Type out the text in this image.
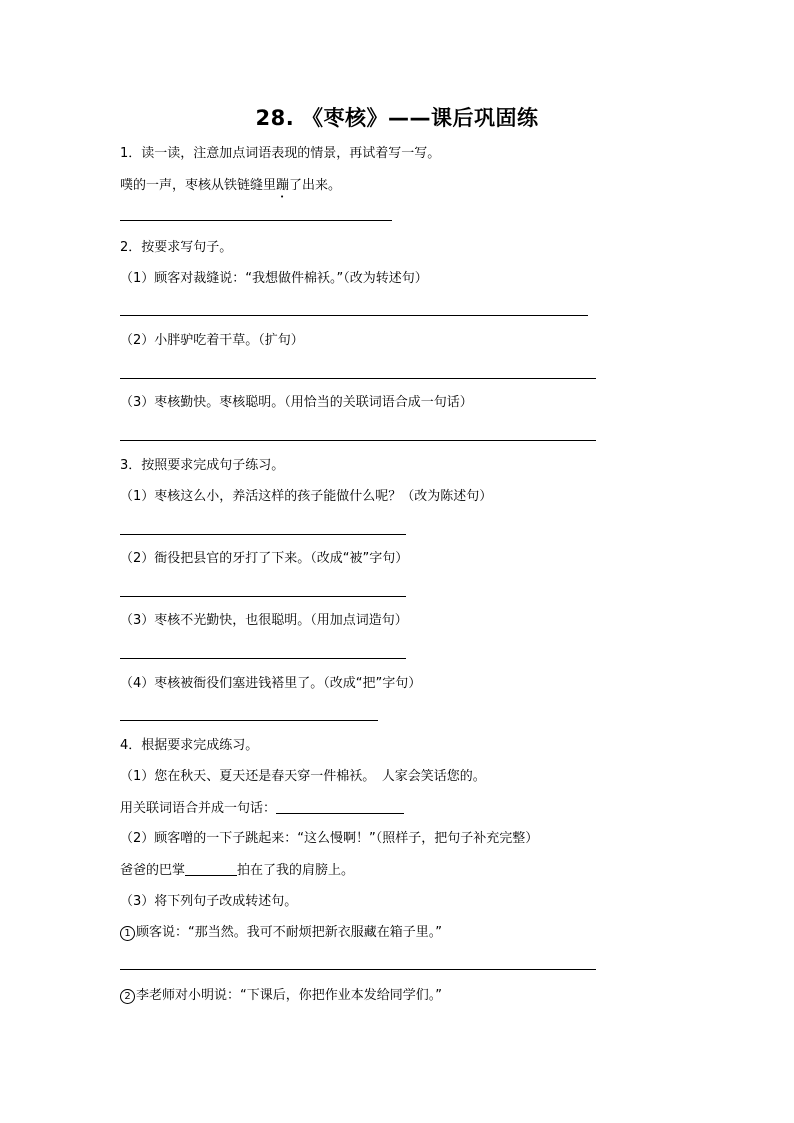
28. 《枣核》——课后巩固练
1．读一读，注意加点词语表现的情景，再试着写一写。
噗的一声，枣核从铁链缝里蹦了出来。
2．按要求写句子。
（1）顾客对裁缝说：“我想做件棉袄。”（改为转述句）
（2）小胖驴吃着干草。（扩句）
（3）枣核勤快。枣核聪明。（用恰当的关联词语合成一句话）
3．按照要求完成句子练习。
（1）枣核这么小，养活这样的孩子能做什么呢？（改为陈述句）
（2）衙役把县官的牙打了下来。（改成“被”字句）
（3）枣核不光勤快，也很聪明。（用加点词造句）
（4）枣核被衙役们塞进钱褡里了。（改成“把”字句）
4．根据要求完成练习。
（1）您在秋天、夏天还是春天穿一件棉袄。　人家会笑话您的。
用关联词语合并成一句话：
（2）顾客噌的一下子跳起来：“这么慢啊！”（照样子，把句子补充完整）
爸爸的巴掌	拍在了我的肩膀上。
（3）将下列句子改成转述句。
1 顾客说：“那当然。我可不耐烦把新衣服藏在箱子里。”
2 李老师对小明说：“下课后，你把作业本发给同学们。”
